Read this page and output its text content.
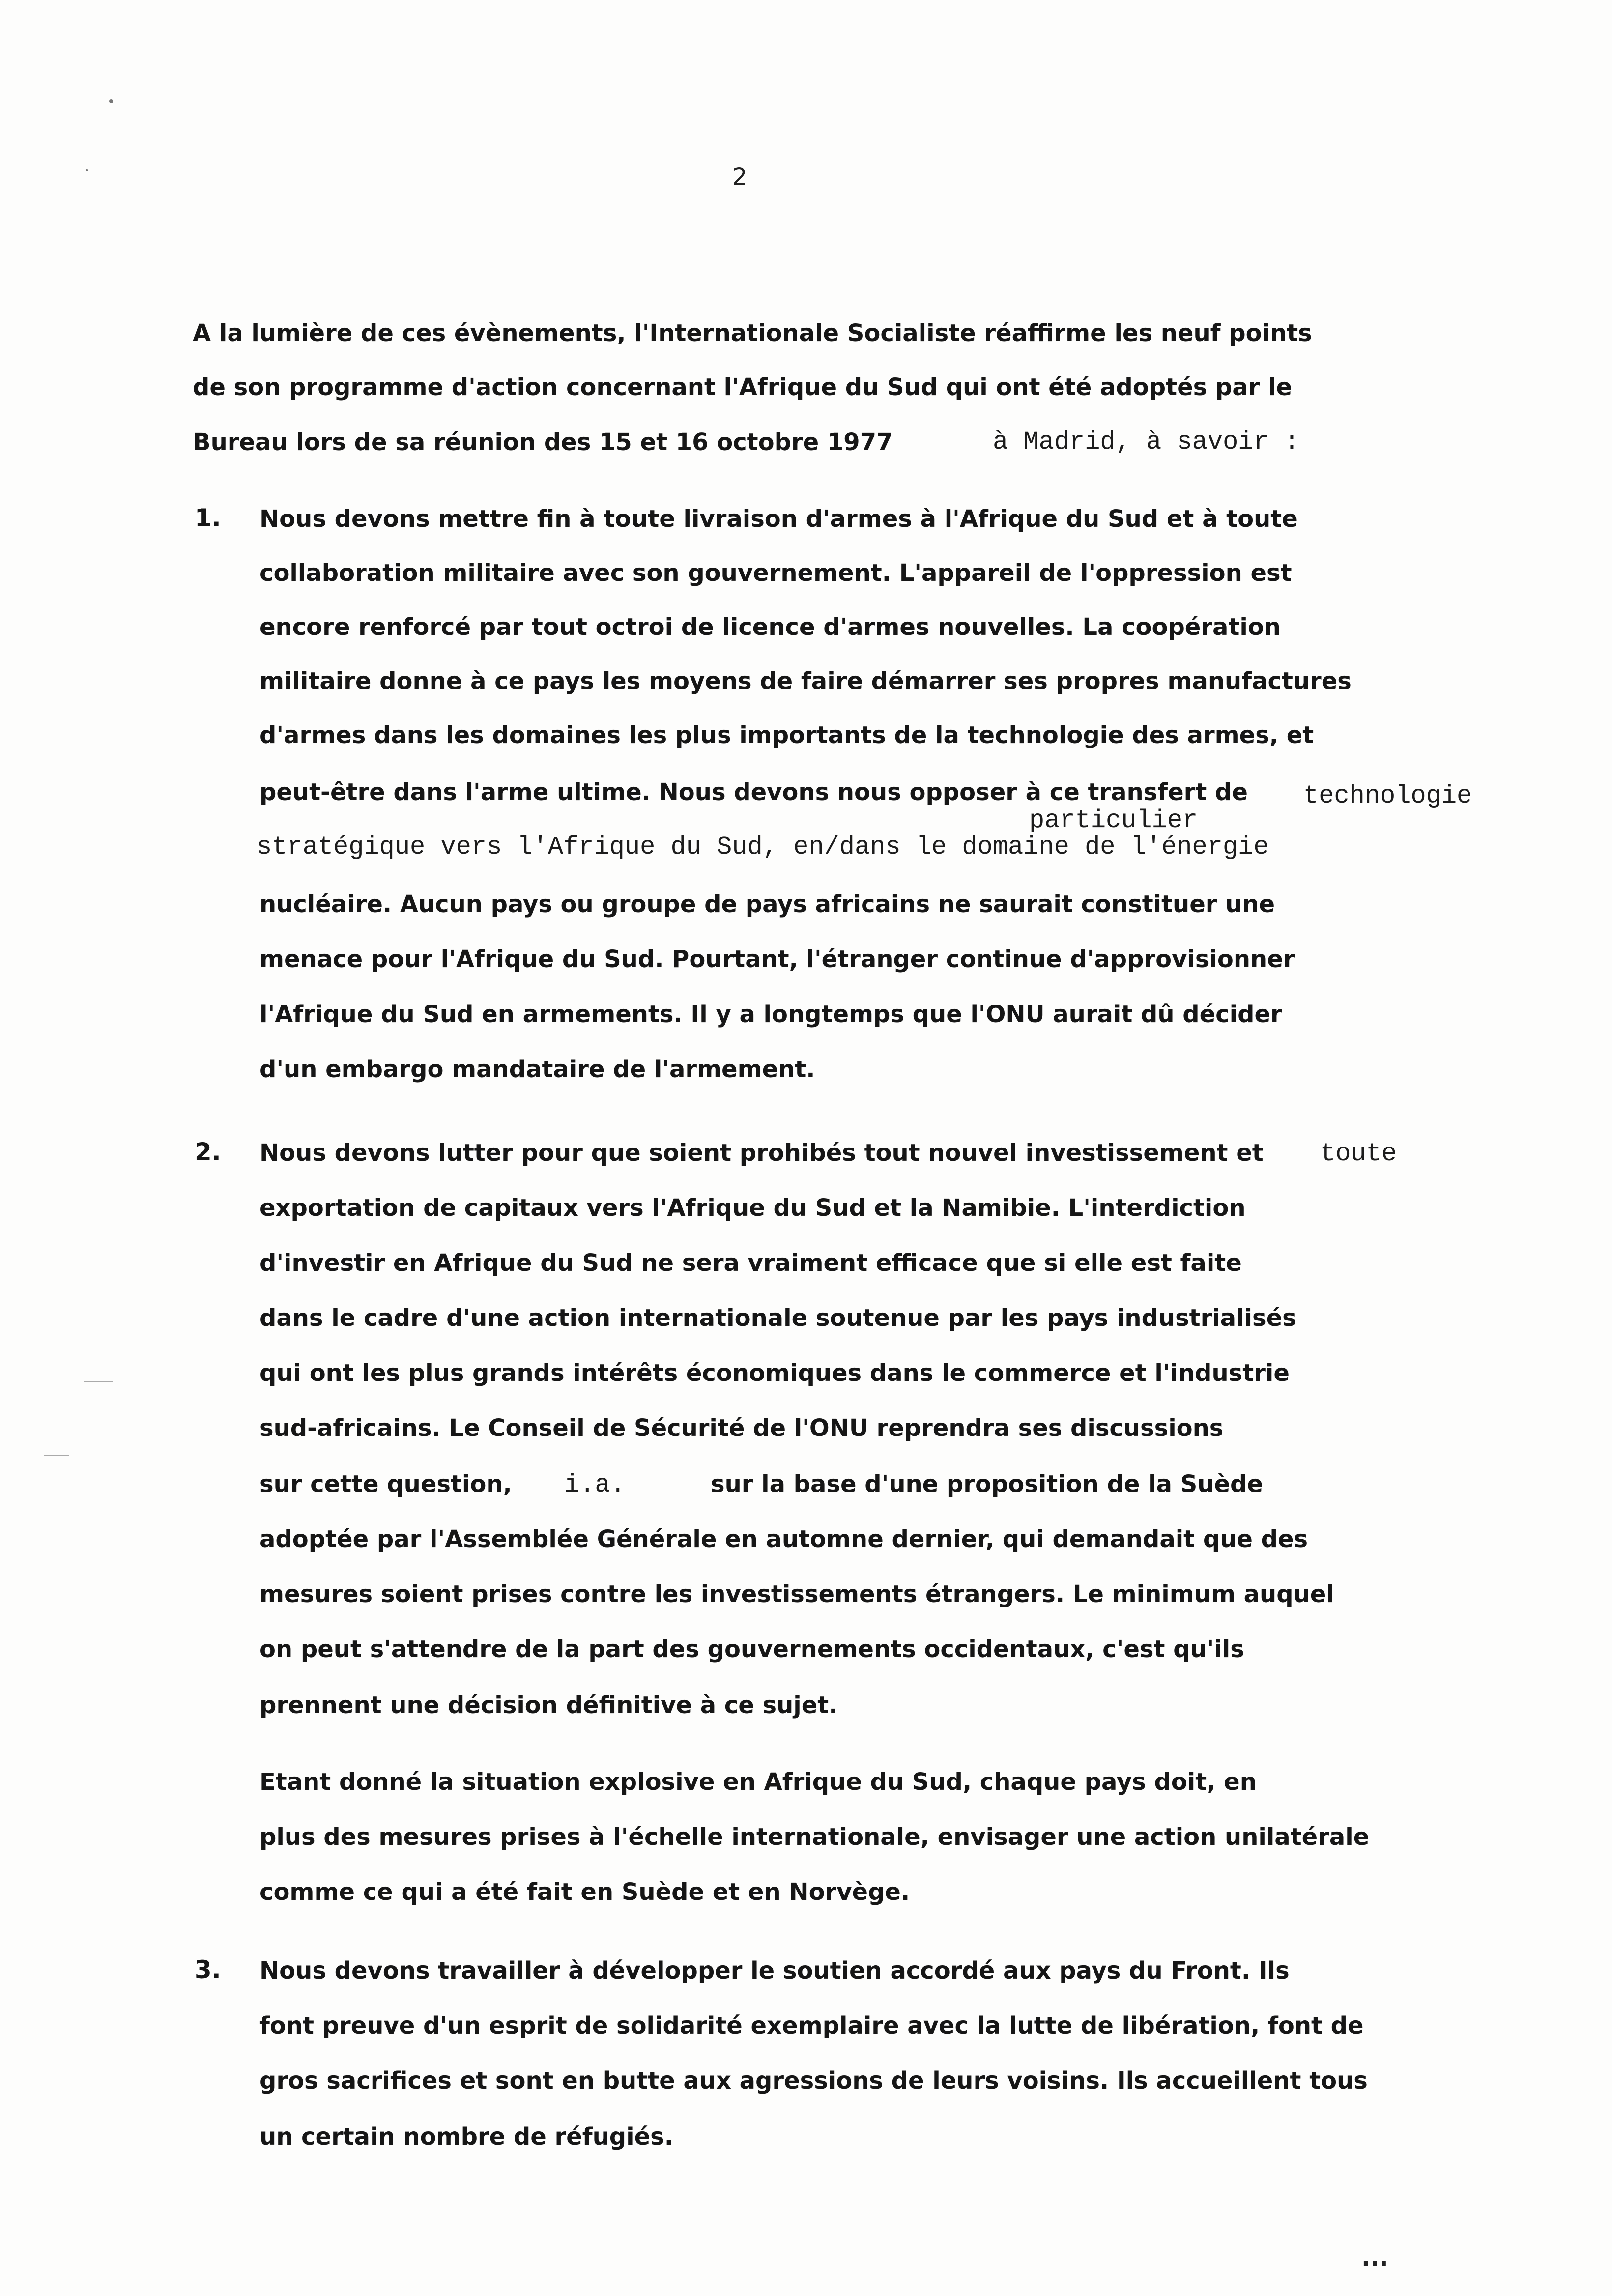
2
A la lumière de ces évènements, l'Internationale Socialiste réaffirme les neuf points
de son programme d'action concernant l'Afrique du Sud qui ont été adoptés par le
Bureau lors de sa réunion des 15 et 16 octobre 1977	à Madrid, à savoir :
1. Nous devons mettre fin à toute livraison d'armes à l'Afrique du Sud et à toute
collaboration militaire avec son gouvernement. L'appareil de l'oppression est
encore renforcé par tout octroi de licence d'armes nouvelles. La coopération
militaire donne à ce pays les moyens de faire démarrer ses propres manufactures
d'armes dans les domaines les plus importants de la technologie des armes, et
peut-être dans l'arme ultime. Nous devons nous opposer à ce transfert de technologie
particulier
stratégique vers l'Afrique du Sud, en/dans le domaine de l'énergie
nucléaire. Aucun pays ou groupe de pays africains ne saurait constituer une
menace pour l'Afrique du Sud. Pourtant, l'étranger continue d'approvisionner
l'Afrique du Sud en armements. Il y a longtemps que l'ONU aurait dû décider
d'un embargo mandataire de l'armement.
2. Nous devons lutter pour que soient prohibés tout nouvel investissement et toute
exportation de capitaux vers l'Afrique du Sud et la Namibie. L'interdiction
d'investir en Afrique du Sud ne sera vraiment efficace que si elle est faite
dans le cadre d'une action internationale soutenue par les pays industrialisés
qui ont les plus grands intérêts économiques dans le commerce et l'industrie
sud-africains. Le Conseil de Sécurité de l'ONU reprendra ses discussions
sur cette question, i.a.	sur la base d'une proposition de la Suède
adoptée par l'Assemblée Générale en automne dernier, qui demandait que des
mesures soient prises contre les investissements étrangers. Le minimum auquel
on peut s'attendre de la part des gouvernements occidentaux, c'est qu'ils
prennent une décision définitive à ce sujet.
Etant donné la situation explosive en Afrique du Sud, chaque pays doit, en
plus des mesures prises à l'échelle internationale, envisager une action unilatérale
comme ce qui a été fait en Suède et en Norvège.
3. Nous devons travailler à développer le soutien accordé aux pays du Front. Ils
font preuve d'un esprit de solidarité exemplaire avec la lutte de libération, font de
gros sacrifices et sont en butte aux agressions de leurs voisins. Ils accueillent tous
un certain nombre de réfugiés.
...
